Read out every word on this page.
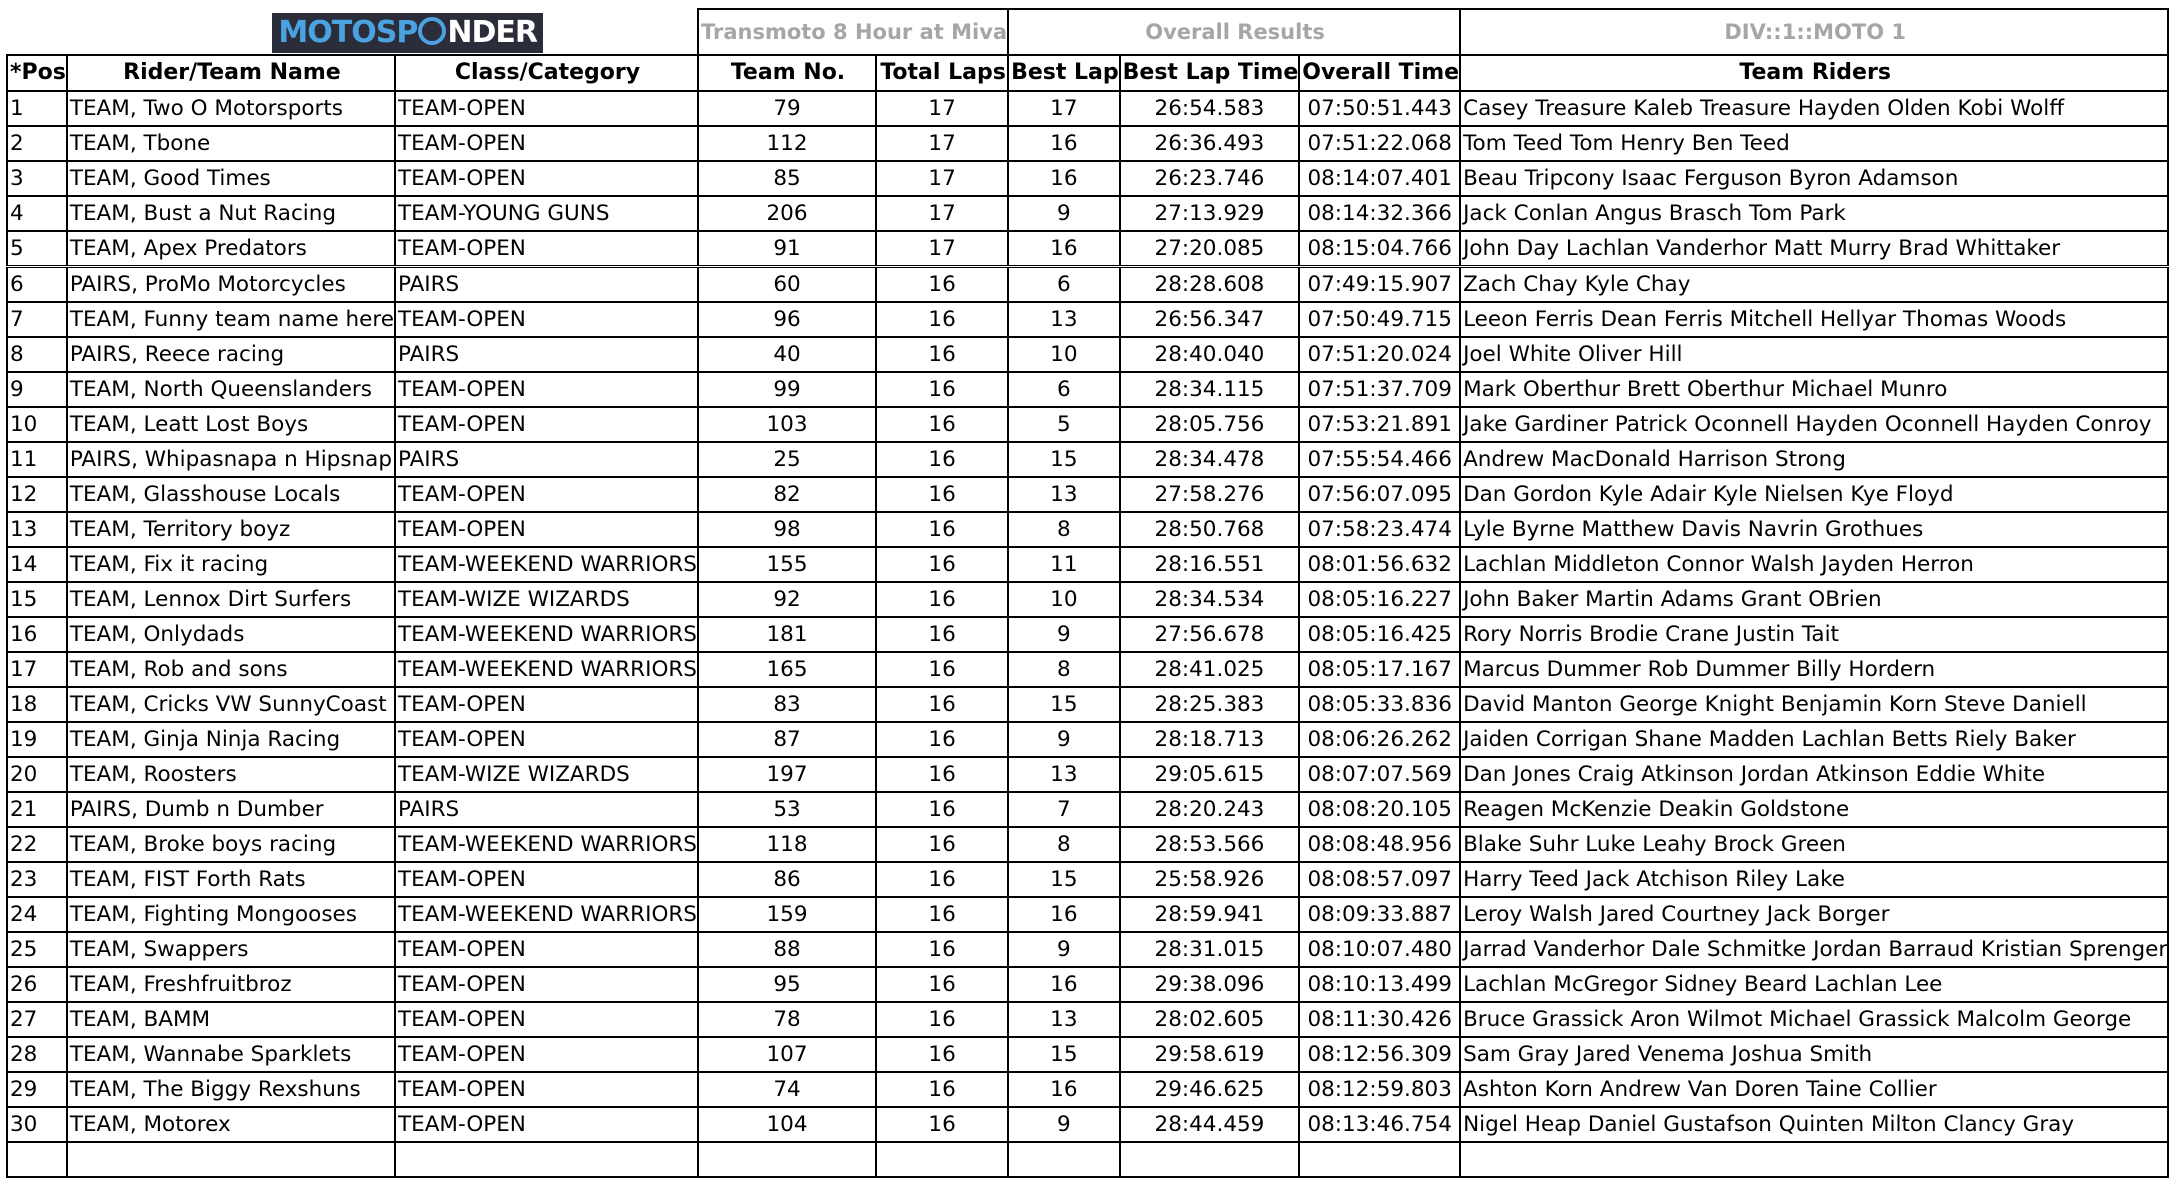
	MOTOSP NDER		Transmoto 8 Hour at Miva		Overall Results			DIV::1::MOTO 1
*Pos	Rider/Team Name	Class/Category	Team No.	Total Laps	Best Lap	Best Lap Time	Overall Time	Team Riders
1	TEAM, Two O Motorsports	TEAM-OPEN	79	17	17	26:54.583	07:50:51.443	Casey Treasure Kaleb Treasure Hayden Olden Kobi Wolff
2	TEAM, Tbone	TEAM-OPEN	112	17	16	26:36.493	07:51:22.068	Tom Teed Tom Henry Ben Teed
3	TEAM, Good Times	TEAM-OPEN	85	17	16	26:23.746	08:14:07.401	Beau Tripcony Isaac Ferguson Byron Adamson
4	TEAM, Bust a Nut Racing	TEAM-YOUNG GUNS	206	17	9	27:13.929	08:14:32.366	Jack Conlan Angus Brasch Tom Park
5	TEAM, Apex Predators	TEAM-OPEN	91	17	16	27:20.085	08:15:04.766	John Day Lachlan Vanderhor Matt Murry Brad Whittaker
6	PAIRS, ProMo Motorcycles	PAIRS	60	16	6	28:28.608	07:49:15.907	Zach Chay Kyle Chay
7	TEAM, Funny team name here	TEAM-OPEN	96	16	13	26:56.347	07:50:49.715	Leeon Ferris Dean Ferris Mitchell Hellyar Thomas Woods
8	PAIRS, Reece racing	PAIRS	40	16	10	28:40.040	07:51:20.024	Joel White Oliver Hill
9	TEAM, North Queenslanders	TEAM-OPEN	99	16	6	28:34.115	07:51:37.709	Mark Oberthur Brett Oberthur Michael Munro
10	TEAM, Leatt Lost Boys	TEAM-OPEN	103	16	5	28:05.756	07:53:21.891	Jake Gardiner Patrick Oconnell Hayden Oconnell Hayden Conroy
11	PAIRS, Whipasnapa n Hipsnap	PAIRS	25	16	15	28:34.478	07:55:54.466	Andrew MacDonald Harrison Strong
12	TEAM, Glasshouse Locals	TEAM-OPEN	82	16	13	27:58.276	07:56:07.095	Dan Gordon Kyle Adair Kyle Nielsen Kye Floyd
13	TEAM, Territory boyz	TEAM-OPEN	98	16	8	28:50.768	07:58:23.474	Lyle Byrne Matthew Davis Navrin Grothues
14	TEAM, Fix it racing	TEAM-WEEKEND WARRIORS	155	16	11	28:16.551	08:01:56.632	Lachlan Middleton Connor Walsh Jayden Herron
15	TEAM, Lennox Dirt Surfers	TEAM-WIZE WIZARDS	92	16	10	28:34.534	08:05:16.227	John Baker Martin Adams Grant OBrien
16	TEAM, Onlydads	TEAM-WEEKEND WARRIORS	181	16	9	27:56.678	08:05:16.425	Rory Norris Brodie Crane Justin Tait
17	TEAM, Rob and sons	TEAM-WEEKEND WARRIORS	165	16	8	28:41.025	08:05:17.167	Marcus Dummer Rob Dummer Billy Hordern
18	TEAM, Cricks VW SunnyCoast	TEAM-OPEN	83	16	15	28:25.383	08:05:33.836	David Manton George Knight Benjamin Korn Steve Daniell
19	TEAM, Ginja Ninja Racing	TEAM-OPEN	87	16	9	28:18.713	08:06:26.262	Jaiden Corrigan Shane Madden Lachlan Betts Riely Baker
20	TEAM, Roosters	TEAM-WIZE WIZARDS	197	16	13	29:05.615	08:07:07.569	Dan Jones Craig Atkinson Jordan Atkinson Eddie White
21	PAIRS, Dumb n Dumber	PAIRS	53	16	7	28:20.243	08:08:20.105	Reagen McKenzie Deakin Goldstone
22	TEAM, Broke boys racing	TEAM-WEEKEND WARRIORS	118	16	8	28:53.566	08:08:48.956	Blake Suhr Luke Leahy Brock Green
23	TEAM, FIST Forth Rats	TEAM-OPEN	86	16	15	25:58.926	08:08:57.097	Harry Teed Jack Atchison Riley Lake
24	TEAM, Fighting Mongooses	TEAM-WEEKEND WARRIORS	159	16	16	28:59.941	08:09:33.887	Leroy Walsh Jared Courtney Jack Borger
25	TEAM, Swappers	TEAM-OPEN	88	16	9	28:31.015	08:10:07.480	Jarrad Vanderhor Dale Schmitke Jordan Barraud Kristian Sprenger
26	TEAM, Freshfruitbroz	TEAM-OPEN	95	16	16	29:38.096	08:10:13.499	Lachlan McGregor Sidney Beard Lachlan Lee
27	TEAM, BAMM	TEAM-OPEN	78	16	13	28:02.605	08:11:30.426	Bruce Grassick Aron Wilmot Michael Grassick Malcolm George
28	TEAM, Wannabe Sparklets	TEAM-OPEN	107	16	15	29:58.619	08:12:56.309	Sam Gray Jared Venema Joshua Smith
29	TEAM, The Biggy Rexshuns	TEAM-OPEN	74	16	16	29:46.625	08:12:59.803	Ashton Korn Andrew Van Doren Taine Collier
30	TEAM, Motorex	TEAM-OPEN	104	16	9	28:44.459	08:13:46.754	Nigel Heap Daniel Gustafson Quinten Milton Clancy Gray
